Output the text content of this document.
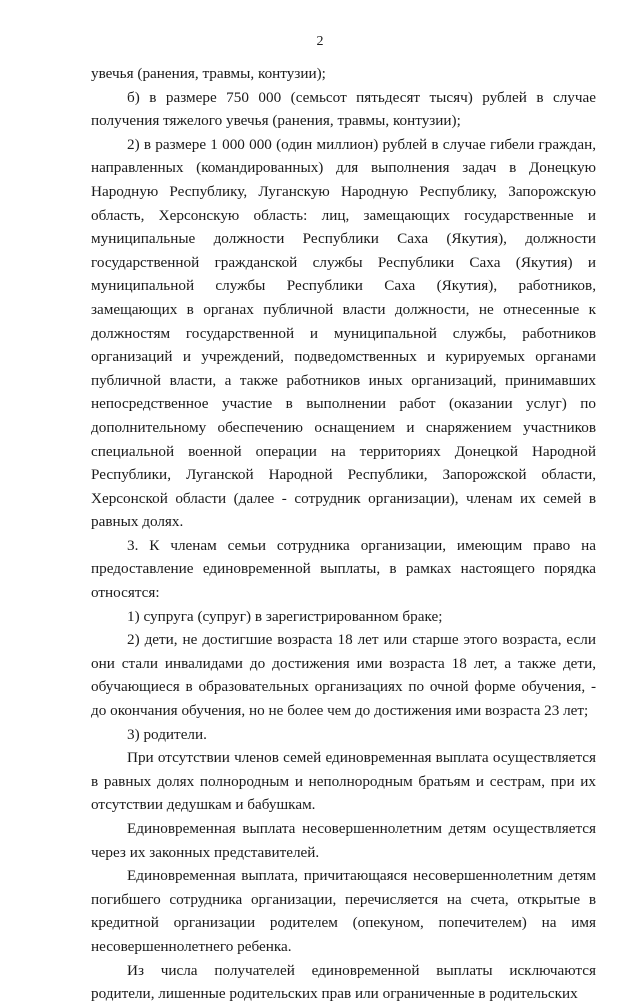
2

увечья (ранения, травмы, контузии);

б) в размере 750 000 (семьсот пятьдесят тысяч) рублей в случае получения тяжелого увечья (ранения, травмы, контузии);

2) в размере 1 000 000 (один миллион) рублей в случае гибели граждан, направленных (командированных) для выполнения задач в Донецкую Народную Республику, Луганскую Народную Республику, Запорожскую область, Херсонскую область: лиц, замещающих государственные и муниципальные должности Республики Саха (Якутия), должности государственной гражданской службы Республики Саха (Якутия) и муниципальной службы Республики Саха (Якутия), работников, замещающих в органах публичной власти должности, не отнесенные к должностям государственной и муниципальной службы, работников организаций и учреждений, подведомственных и курируемых органами публичной власти, а также работников иных организаций, принимавших непосредственное участие в выполнении работ (оказании услуг) по дополнительному обеспечению оснащением и снаряжением участников специальной военной операции на территориях Донецкой Народной Республики, Луганской Народной Республики, Запорожской области, Херсонской области (далее - сотрудник организации), членам их семей в равных долях.

3. К членам семьи сотрудника организации, имеющим право на предоставление единовременной выплаты, в рамках настоящего порядка относятся:

1) супруга (супруг) в зарегистрированном браке;

2) дети, не достигшие возраста 18 лет или старше этого возраста, если они стали инвалидами до достижения ими возраста 18 лет, а также дети, обучающиеся в образовательных организациях по очной форме обучения, - до окончания обучения, но не более чем до достижения ими возраста 23 лет;

3) родители.

При отсутствии членов семей единовременная выплата осуществляется в равных долях полнородным и неполнородным братьям и сестрам, при их отсутствии дедушкам и бабушкам.

Единовременная выплата несовершеннолетним детям осуществляется через их законных представителей.

Единовременная выплата, причитающаяся несовершеннолетним детям погибшего сотрудника организации, перечисляется на счета, открытые в кредитной организации родителем (опекуном, попечителем) на имя несовершеннолетнего ребенка.

Из числа получателей единовременной выплаты исключаются родители, лишенные родительских прав или ограниченные в родительских
